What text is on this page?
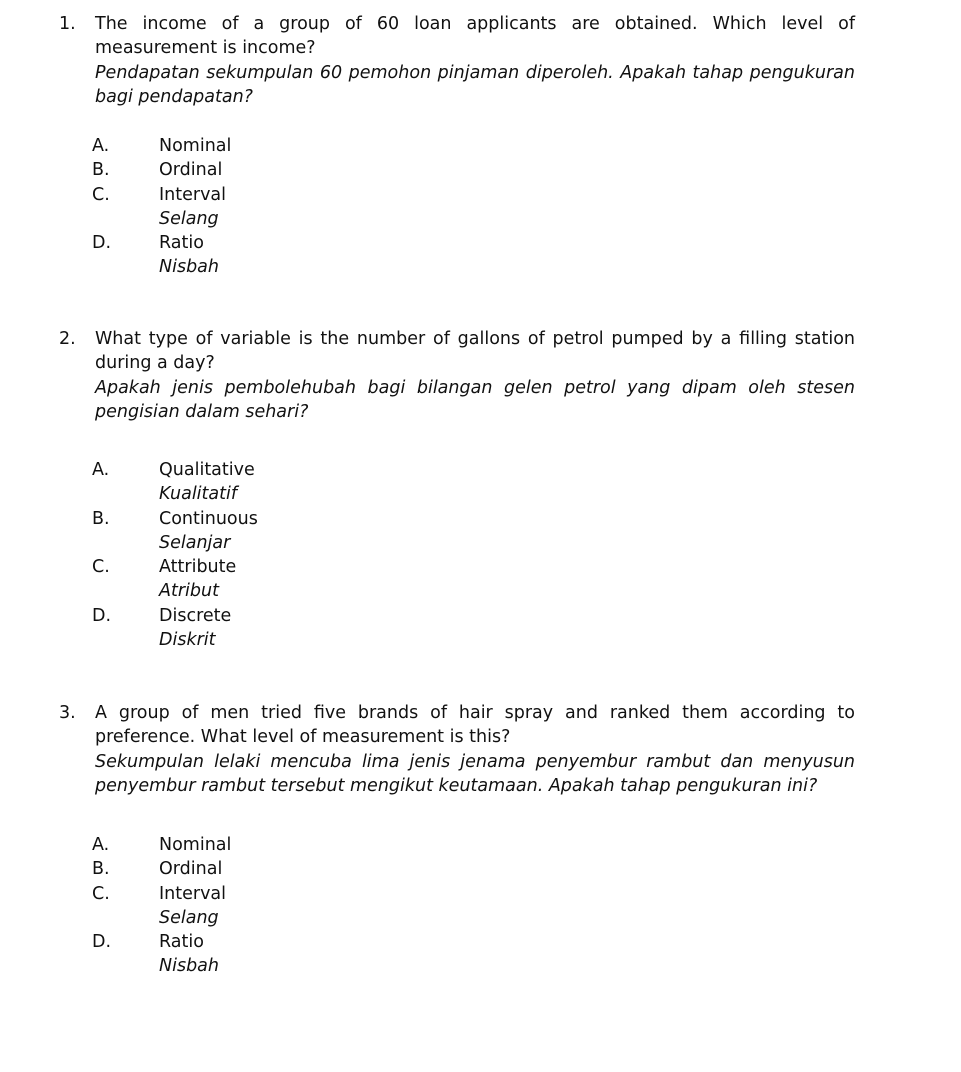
1. The income of a group of 60 loan applicants are obtained. Which level of measurement is income?

Pendapatan sekumpulan 60 pemohon pinjaman diperoleh. Apakah tahap pengukuran bagi pendapatan?

A.	Nominal
B.	Ordinal
C.	Interval
Selang
D.	Ratio
Nisbah
2. What type of variable is the number of gallons of petrol pumped by a filling station during a day?

Apakah jenis pembolehubah bagi bilangan gelen petrol yang dipam oleh stesen pengisian dalam sehari?

A.	Qualitative
Kualitatif
B.	Continuous
Selanjar
C.	Attribute
Atribut
D.	Discrete
Diskrit
3. A group of men tried five brands of hair spray and ranked them according to preference. What level of measurement is this?

Sekumpulan lelaki mencuba lima jenis jenama penyembur rambut dan menyusun penyembur rambut tersebut mengikut keutamaan. Apakah tahap pengukuran ini?

A.	Nominal
B.	Ordinal
C.	Interval
Selang
D.	Ratio
Nisbah
